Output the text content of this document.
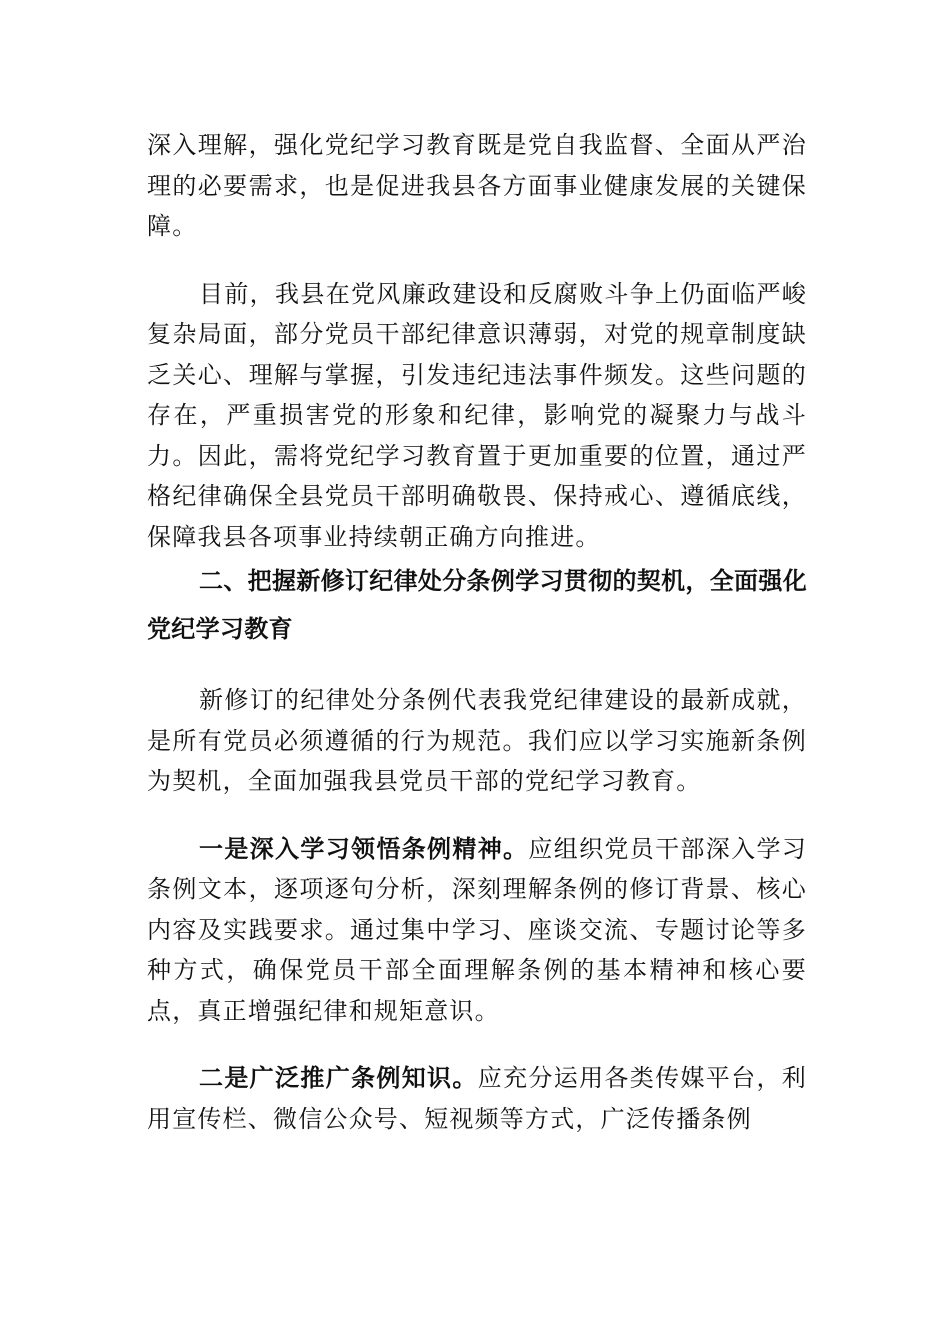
深入理解，强化党纪学习教育既是党自我监督、全面从严治理的必要需求，也是促进我县各方面事业健康发展的关键保障。

目前，我县在党风廉政建设和反腐败斗争上仍面临严峻复杂局面，部分党员干部纪律意识薄弱，对党的规章制度缺乏关心、理解与掌握，引发违纪违法事件频发。这些问题的存在，严重损害党的形象和纪律，影响党的凝聚力与战斗力。因此，需将党纪学习教育置于更加重要的位置，通过严格纪律确保全县党员干部明确敬畏、保持戒心、遵循底线，保障我县各项事业持续朝正确方向推进。

二、把握新修订纪律处分条例学习贯彻的契机，全面强化党纪学习教育

新修订的纪律处分条例代表我党纪律建设的最新成就，是所有党员必须遵循的行为规范。我们应以学习实施新条例为契机，全面加强我县党员干部的党纪学习教育。

一是深入学习领悟条例精神。应组织党员干部深入学习条例文本，逐项逐句分析，深刻理解条例的修订背景、核心内容及实践要求。通过集中学习、座谈交流、专题讨论等多种方式，确保党员干部全面理解条例的基本精神和核心要点，真正增强纪律和规矩意识。

二是广泛推广条例知识。应充分运用各类传媒平台，利用宣传栏、微信公众号、短视频等方式，广泛传播条例
